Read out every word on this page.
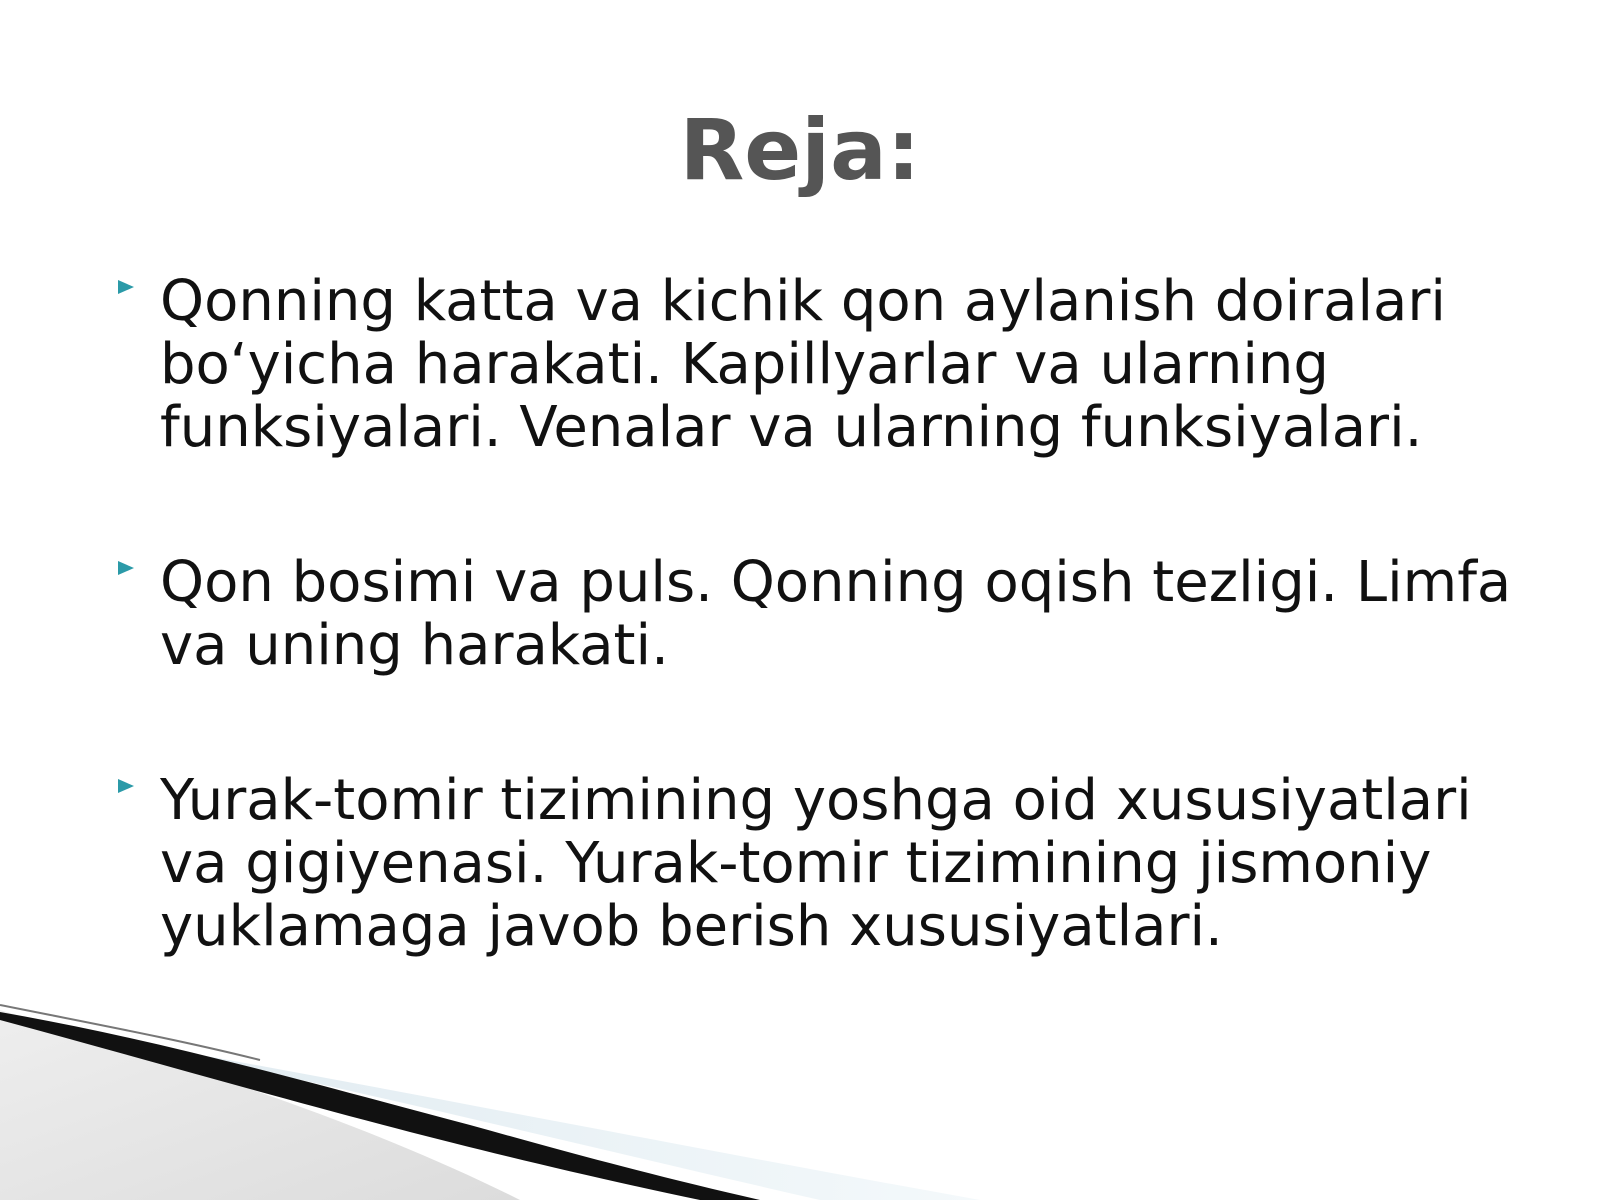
Reja:
Qonning katta va kichik qon aylanish doiralari bo‘yicha harakati. Kapillyarlar va ularning funksiyalari. Venalar va ularning funksiyalari.
Qon bosimi va puls. Qonning oqish tezligi. Limfa va uning harakati.
Yurak-tomir tizimining yoshga oid xususiyatlari va gigiyenasi. Yurak-tomir tizimining jismoniy yuklamaga javob berish xususiyatlari.
